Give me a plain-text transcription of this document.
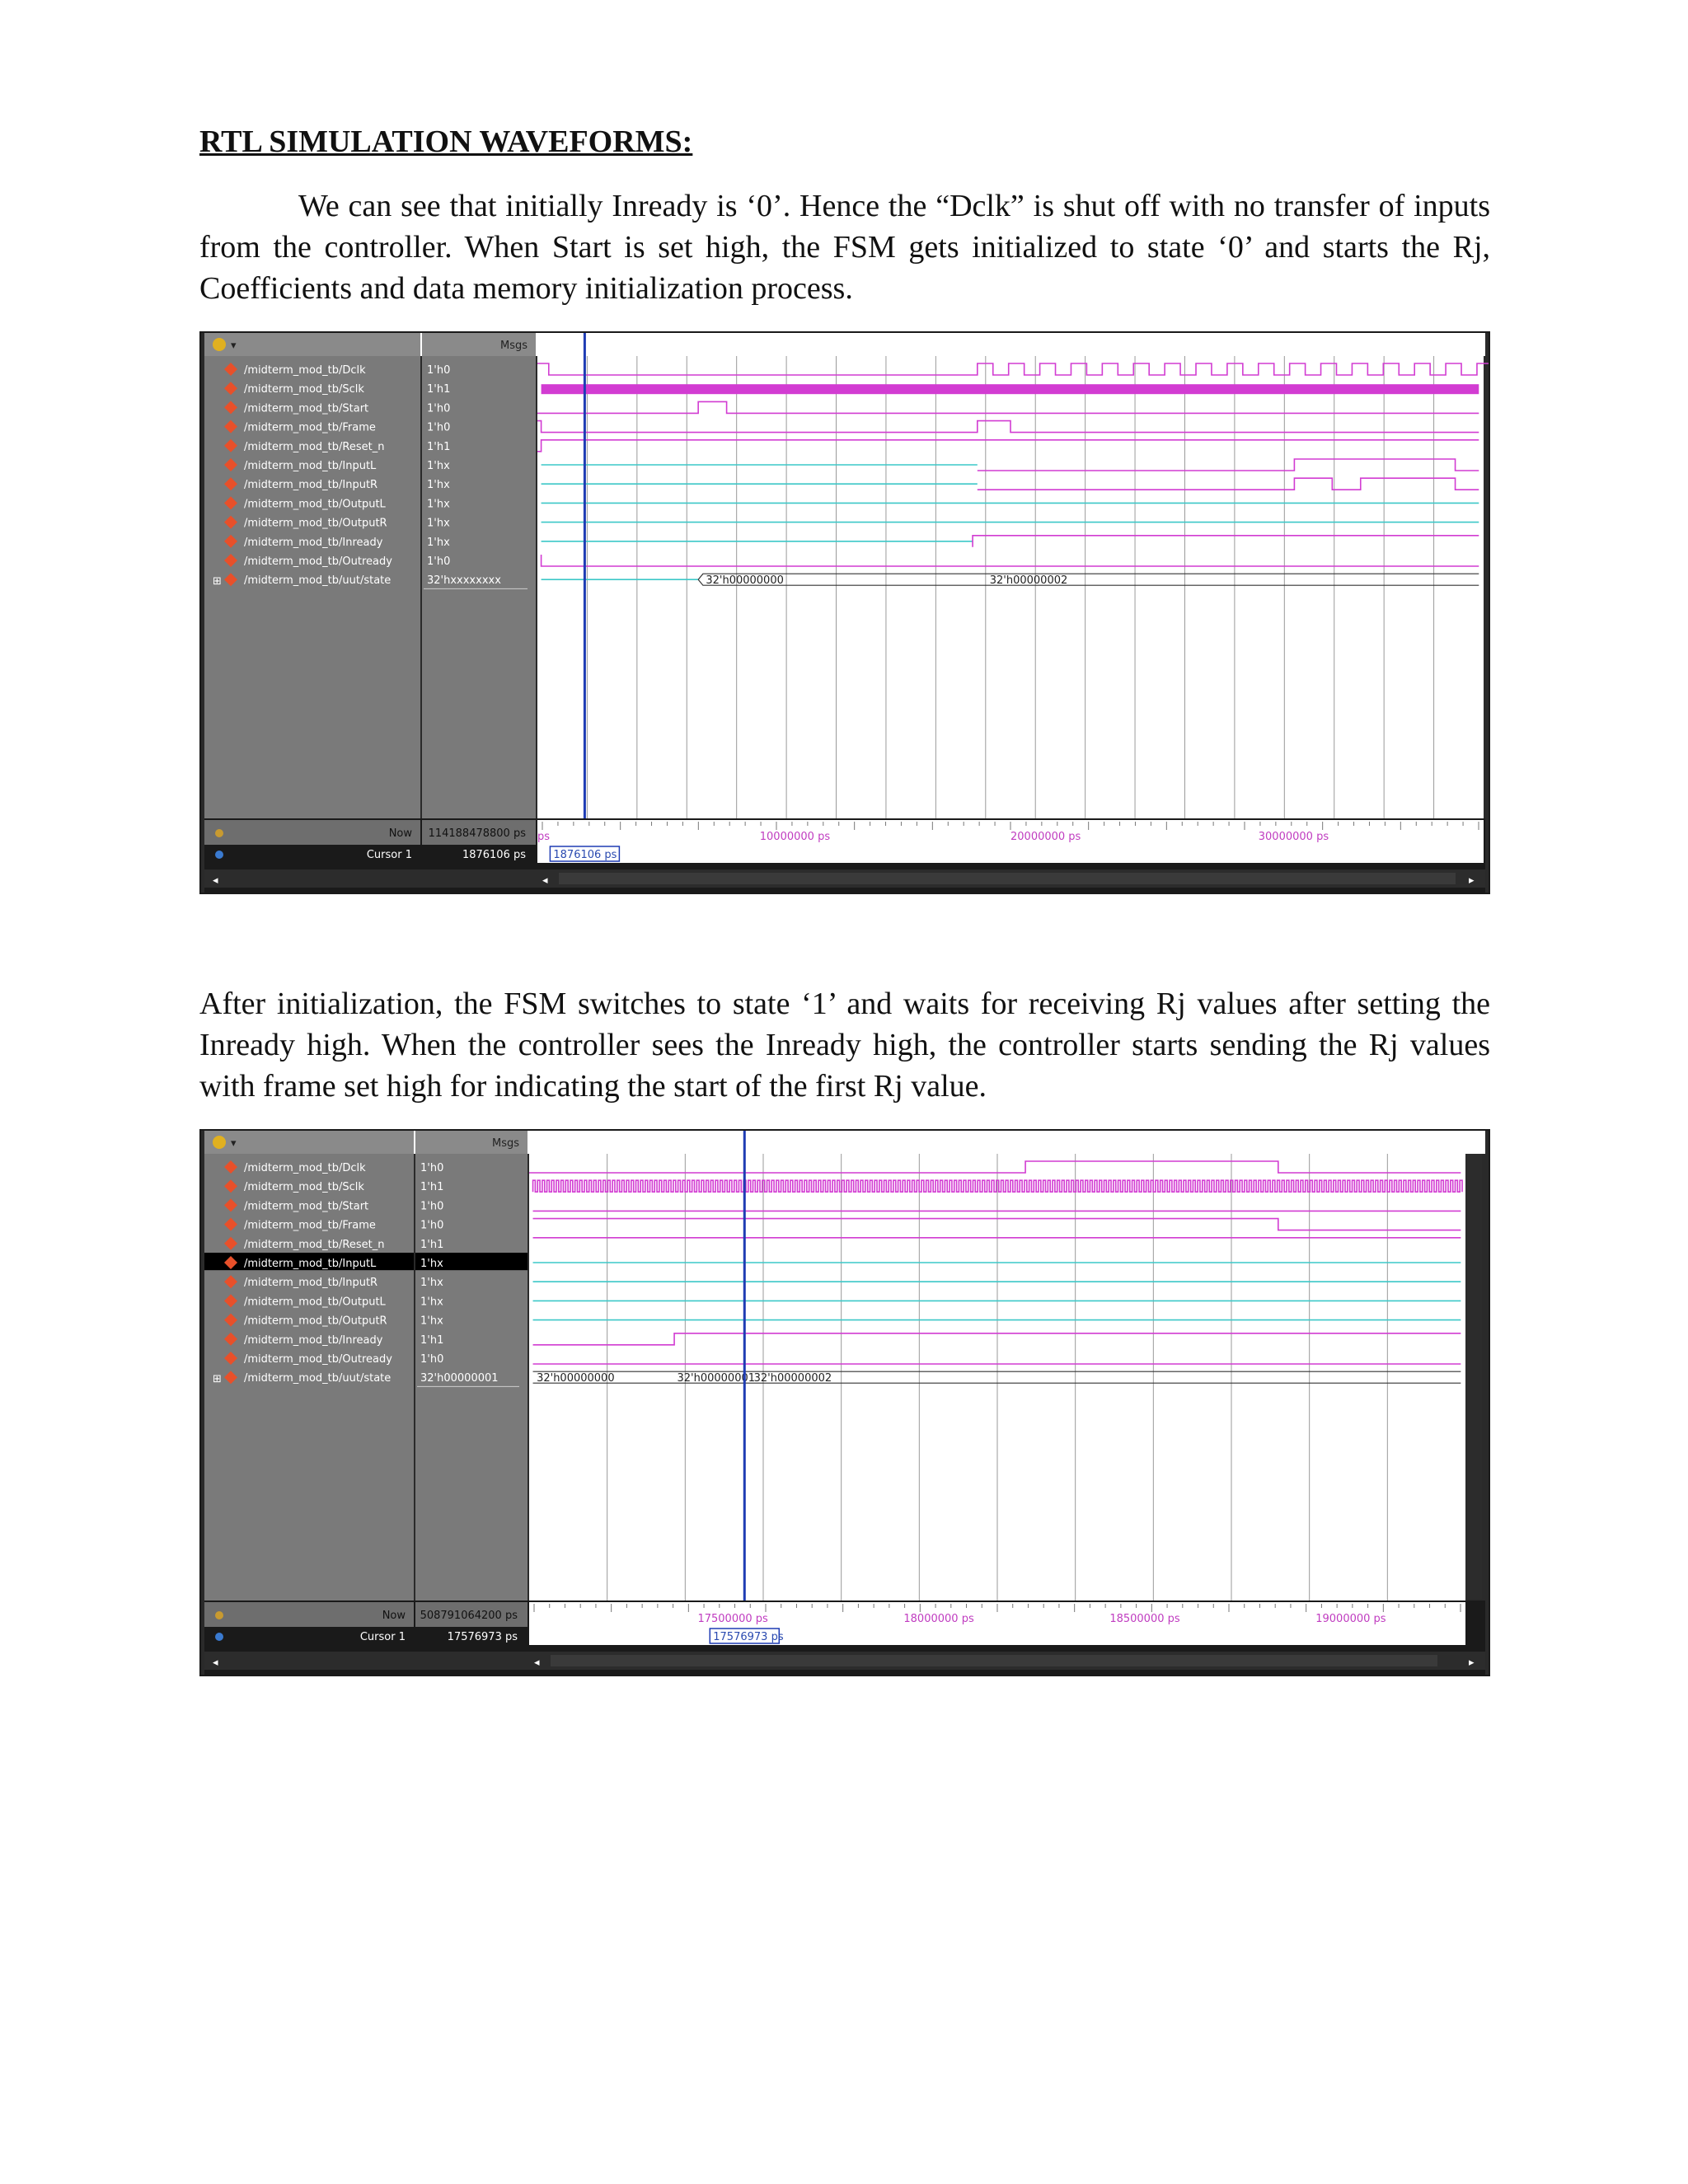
RTL SIMULATION WAVEFORMS:

We can see that initially Inready is ‘0’. Hence the “Dclk” is shut off with no transfer of inputs from the controller. When Start is set high, the FSM gets initialized to state ‘0’ and starts the Rj, Coefficients and data memory initialization process.

Msgs
▾
/midterm_mod_tb/Dclk	1'h0
/midterm_mod_tb/Sclk	1'h1
/midterm_mod_tb/Start	1'h0
/midterm_mod_tb/Frame	1'h0
/midterm_mod_tb/Reset_n	1'h1
/midterm_mod_tb/InputL	1'hx
/midterm_mod_tb/InputR	1'hx
/midterm_mod_tb/OutputL	1'hx
/midterm_mod_tb/OutputR	1'hx
/midterm_mod_tb/Inready	1'hx
/midterm_mod_tb/Outready	1'h0
⊞ /midterm_mod_tb/uut/state	32'hxxxxxxxx	32'h00000000	32'h00000002
Now 114188478800 ps
Cursor 1	1876106 ps
ps	10000000 ps	20000000 ps	30000000 ps
1876106 ps
◂	◂	▸

After initialization, the FSM switches to state ‘1’ and waits for receiving Rj values after setting the Inready high. When the controller sees the Inready high, the controller starts sending the Rj values with frame set high for indicating the start of the first Rj value.

Msgs
▾
/midterm_mod_tb/Dclk	1'h0
/midterm_mod_tb/Sclk	1'h1
/midterm_mod_tb/Start	1'h0
/midterm_mod_tb/Frame	1'h0
/midterm_mod_tb/Reset_n	1'h1
/midterm_mod_tb/InputL	1'hx
/midterm_mod_tb/InputR	1'hx
/midterm_mod_tb/OutputL	1'hx
/midterm_mod_tb/OutputR	1'hx
/midterm_mod_tb/Inready	1'h1
/midterm_mod_tb/Outready	1'h0
⊞ /midterm_mod_tb/uut/state	32'h00000001	32'h00000000	32'h00000001
32'h00000002
Now 508791064200 ps
Cursor 1	17576973 ps
17500000 ps	18000000 ps	18500000 ps	19000000 ps
17576973 ps
◂	◂	▸
